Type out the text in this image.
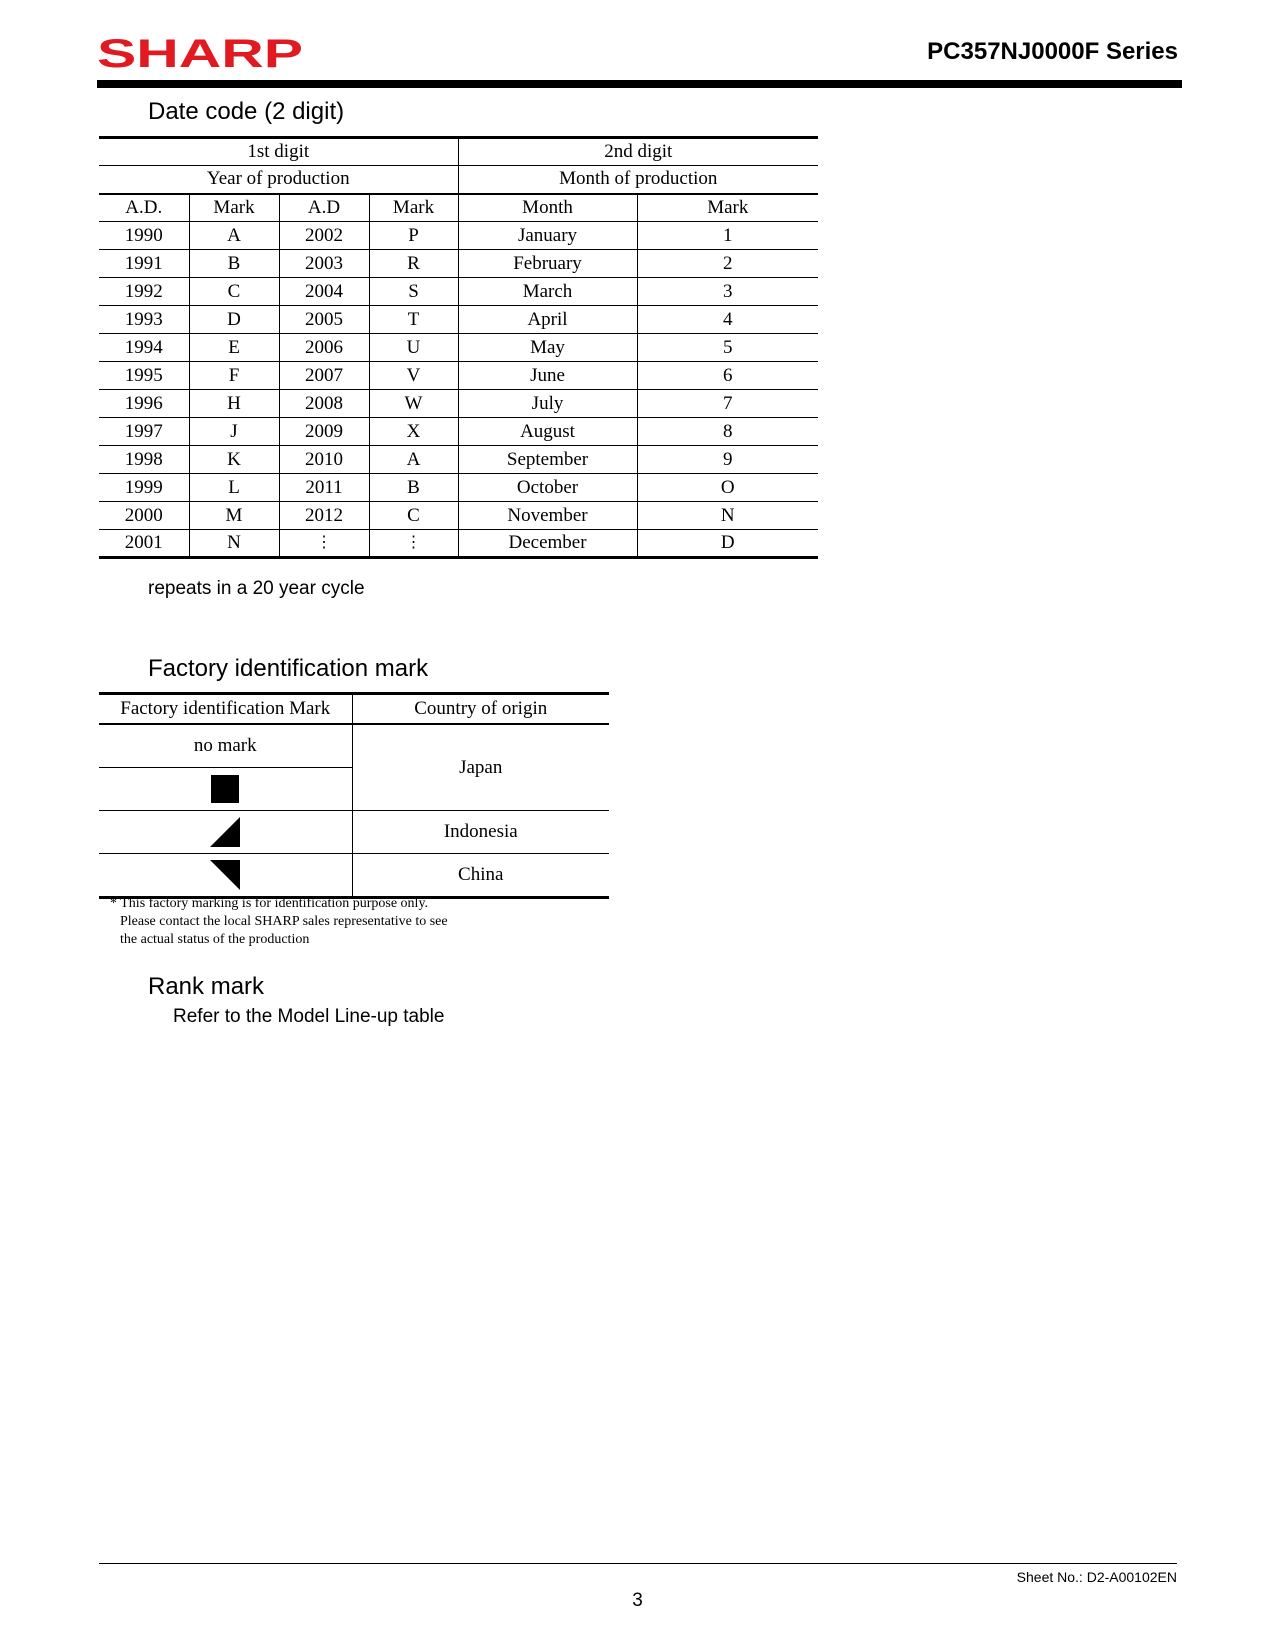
SHARP	PC357NJ0000F Series
Date code (2 digit)
1st digit				2nd digit	
Year of production				Month of production	
A.D.	Mark	A.D	Mark	Month	Mark
1990	A	2002	P	January	1
1991	B	2003	R	February	2
1992	C	2004	S	March	3
1993	D	2005	T	April	4
1994	E	2006	U	May	5
1995	F	2007	V	June	6
1996	H	2008	W	July	7
1997	J	2009	X	August	8
1998	K	2010	A	September	9
1999	L	2011	B	October	O
2000	M	2012	C	November	N
2001	N	⋮	⋮	December	D
repeats in a 20 year cycle
Factory identification mark
Factory identification Mark	Country of origin
no mark	Japan

	Indonesia

	China
* This factory marking is for identification purpose only.
Please contact the local SHARP sales representative to see
the actual status of the production
Rank mark
Refer to the Model Line-up table
Sheet No.: D2-A00102EN
3
